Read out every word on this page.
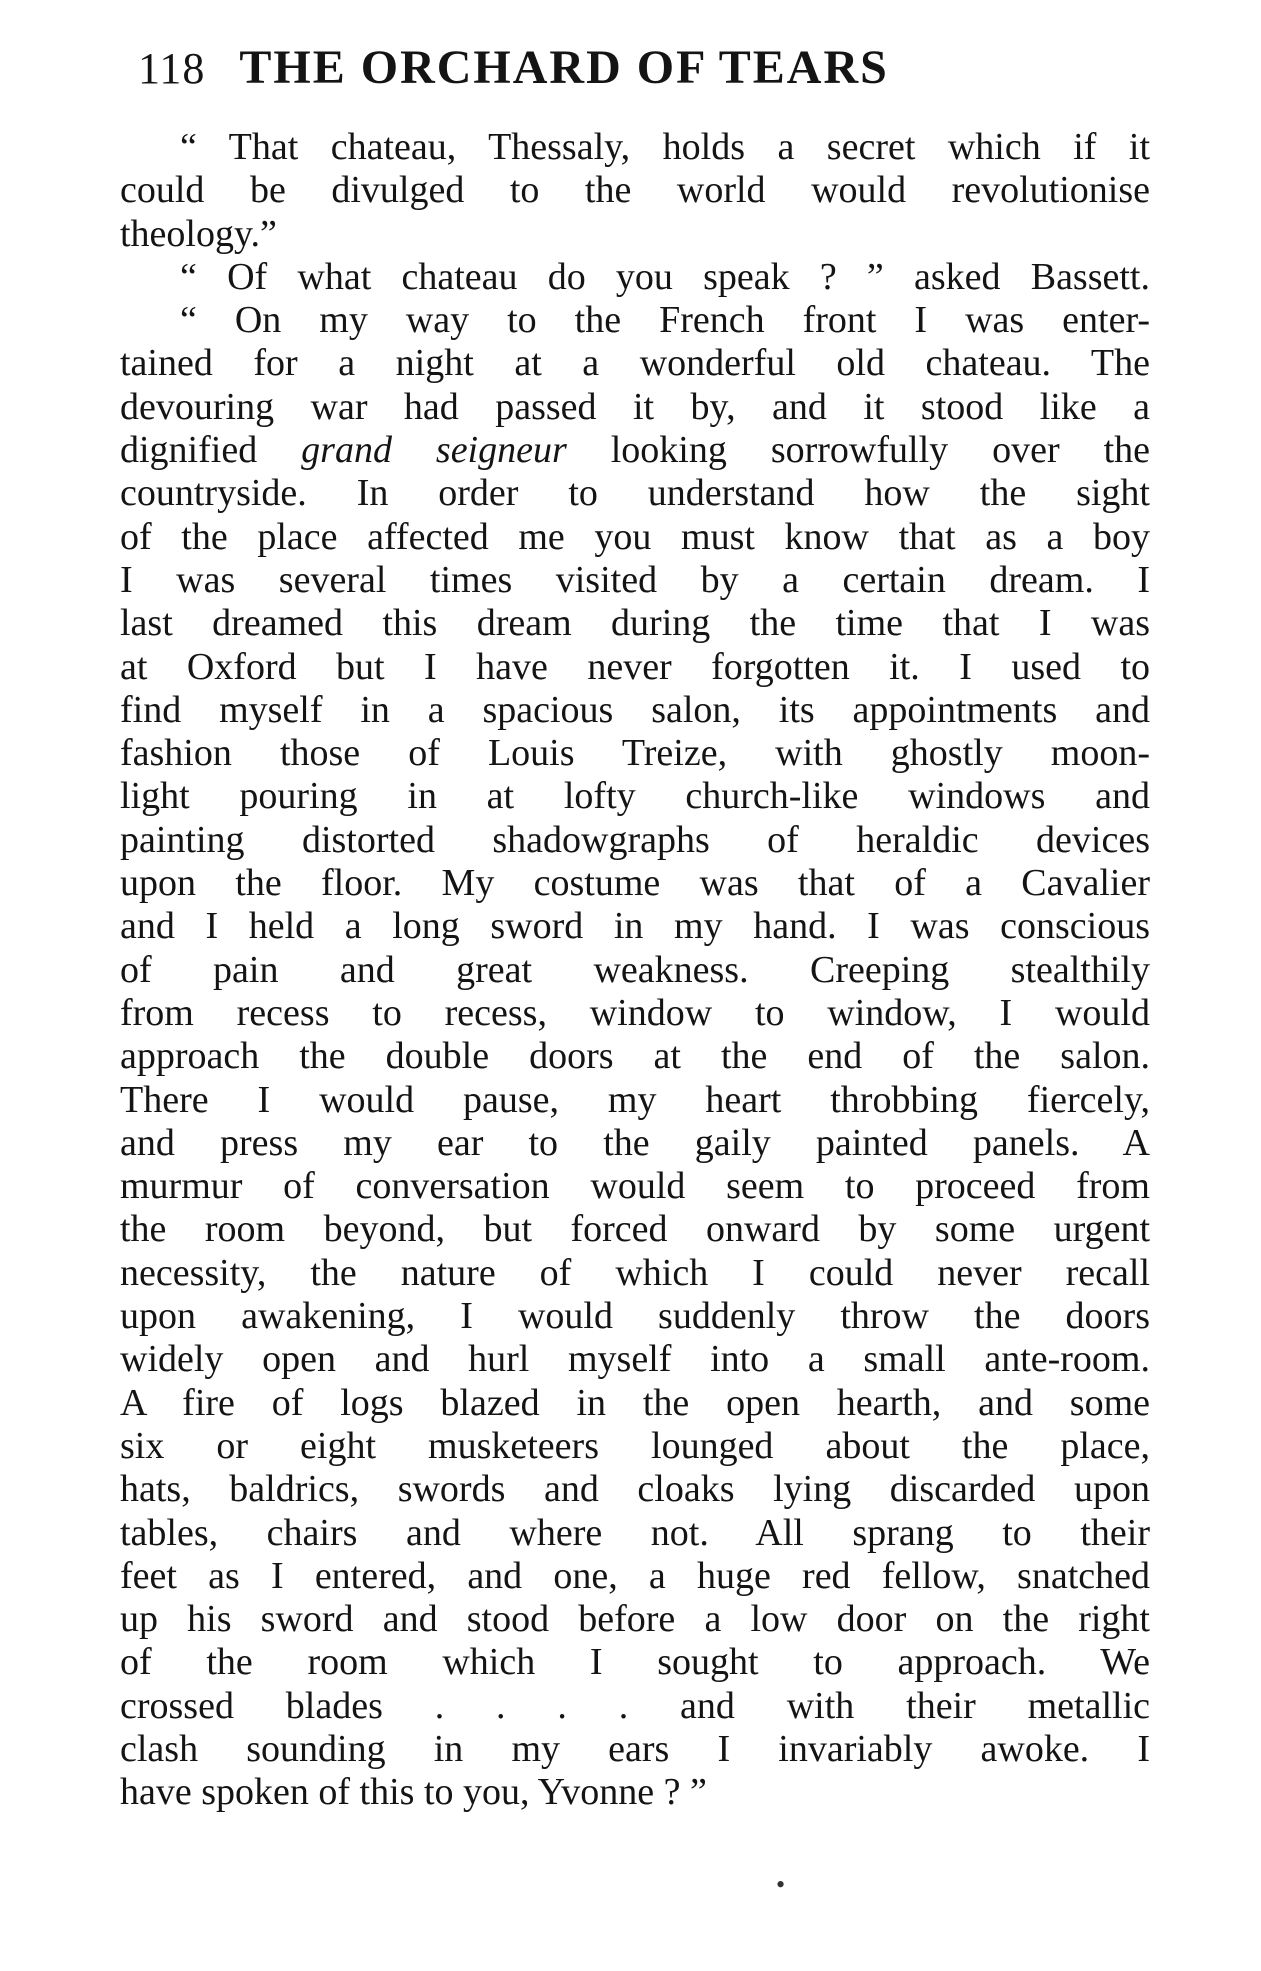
118 THE ORCHARD OF TEARS
“ That chateau, Thessaly, holds a secret which if it
could be divulged to the world would revolutionise
theology.”
“ Of what chateau do you speak ? ” asked Bassett.
“ On my way to the French front I was enter-
tained for a night at a wonderful old chateau. The
devouring war had passed it by, and it stood like a
dignified grand seigneur looking sorrowfully over the
countryside. In order to understand how the sight
of the place affected me you must know that as a boy
I was several times visited by a certain dream. I
last dreamed this dream during the time that I was
at Oxford but I have never forgotten it. I used to
find myself in a spacious salon, its appointments and
fashion those of Louis Treize, with ghostly moon-
light pouring in at lofty church-like windows and
painting distorted shadowgraphs of heraldic devices
upon the floor. My costume was that of a Cavalier
and I held a long sword in my hand. I was conscious
of pain and great weakness. Creeping stealthily
from recess to recess, window to window, I would
approach the double doors at the end of the salon.
There I would pause, my heart throbbing fiercely,
and press my ear to the gaily painted panels. A
murmur of conversation would seem to proceed from
the room beyond, but forced onward by some urgent
necessity, the nature of which I could never recall
upon awakening, I would suddenly throw the doors
widely open and hurl myself into a small ante-room.
A fire of logs blazed in the open hearth, and some
six or eight musketeers lounged about the place,
hats, baldrics, swords and cloaks lying discarded upon
tables, chairs and where not. All sprang to their
feet as I entered, and one, a huge red fellow, snatched
up his sword and stood before a low door on the right
of the room which I sought to approach. We
crossed blades . . . . and with their metallic
clash sounding in my ears I invariably awoke. I
have spoken of this to you, Yvonne ? ”
•
